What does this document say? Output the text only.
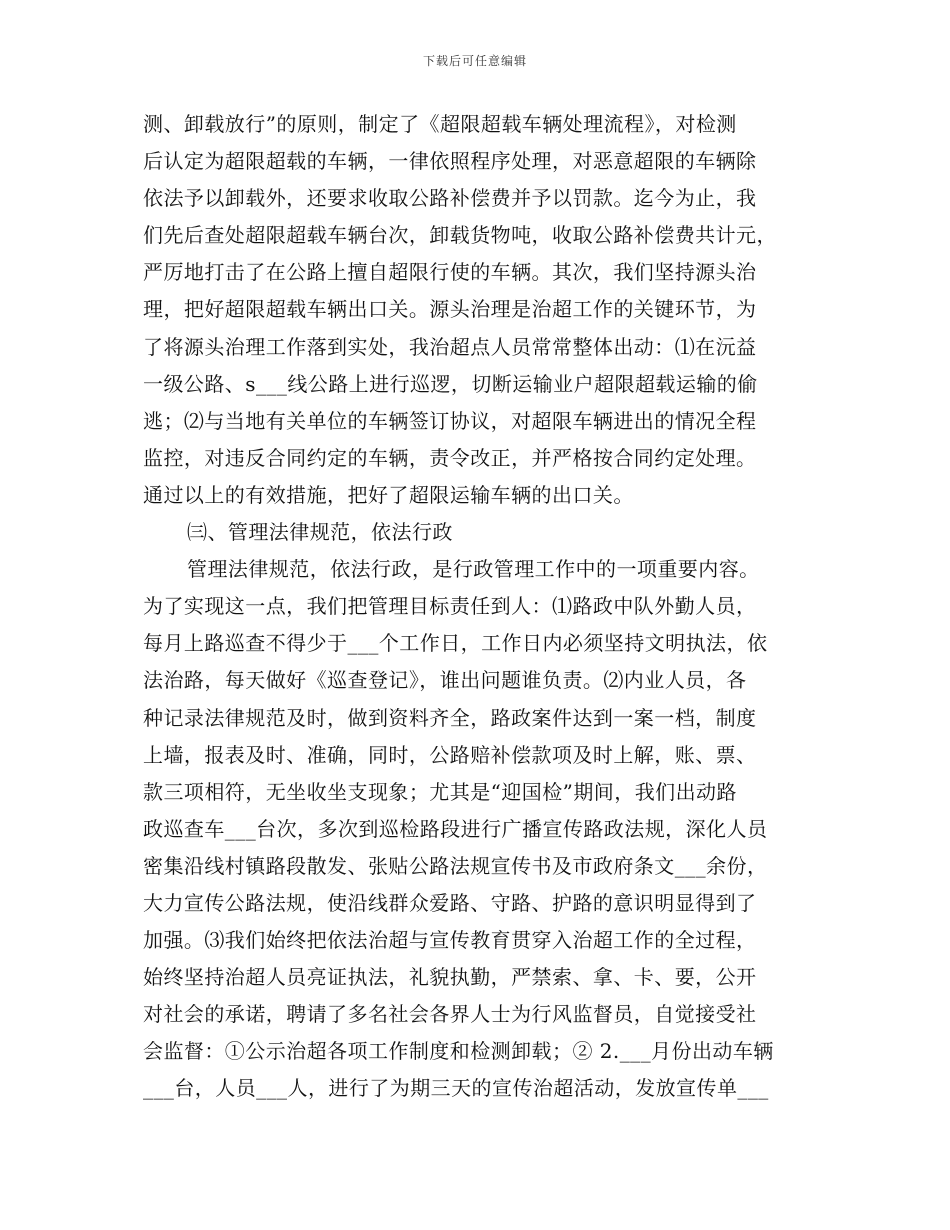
下载后可任意编辑
测、卸载放行”的原则，制定了《超限超载车辆处理流程》，对检测
后认定为超限超载的车辆，一律依照程序处理，对恶意超限的车辆除
依法予以卸载外，还要求收取公路补偿费并予以罚款。迄今为止，我
们先后查处超限超载车辆台次，卸载货物吨，收取公路补偿费共计元，
严厉地打击了在公路上擅自超限行使的车辆。其次，我们坚持源头治
理，把好超限超载车辆出口关。源头治理是治超工作的关键环节，为
了将源头治理工作落到实处，我治超点人员常常整体出动：⑴在沅益
一级公路、s___线公路上进行巡逻，切断运输业户超限超载运输的偷
逃；⑵与当地有关单位的车辆签订协议，对超限车辆进出的情况全程
监控，对违反合同约定的车辆，责令改正，并严格按合同约定处理。
通过以上的有效措施，把好了超限运输车辆的出口关。
㈢、管理法律规范，依法行政
管理法律规范，依法行政，是行政管理工作中的一项重要内容。
为了实现这一点，我们把管理目标责任到人：⑴路政中队外勤人员，
每月上路巡查不得少于___个工作日，工作日内必须坚持文明执法，依
法治路，每天做好《巡查登记》，谁出问题谁负责。⑵内业人员，各
种记录法律规范及时，做到资料齐全，路政案件达到一案一档，制度
上墙，报表及时、准确，同时，公路赔补偿款项及时上解，账、票、
款三项相符，无坐收坐支现象；尤其是“迎国检”期间，我们出动路
政巡查车___台次，多次到巡检路段进行广播宣传路政法规，深化人员
密集沿线村镇路段散发、张贴公路法规宣传书及市政府条文___余份，
大力宣传公路法规，使沿线群众爱路、守路、护路的意识明显得到了
加强。⑶我们始终把依法治超与宣传教育贯穿入治超工作的全过程，
始终坚持治超人员亮证执法，礼貌执勤，严禁索、拿、卡、要，公开
对社会的承诺，聘请了多名社会各界人士为行风监督员，自觉接受社
会监督：①公示治超各项工作制度和检测卸载；② 2.___月份出动车辆
___台，人员___人，进行了为期三天的宣传治超活动，发放宣传单___
